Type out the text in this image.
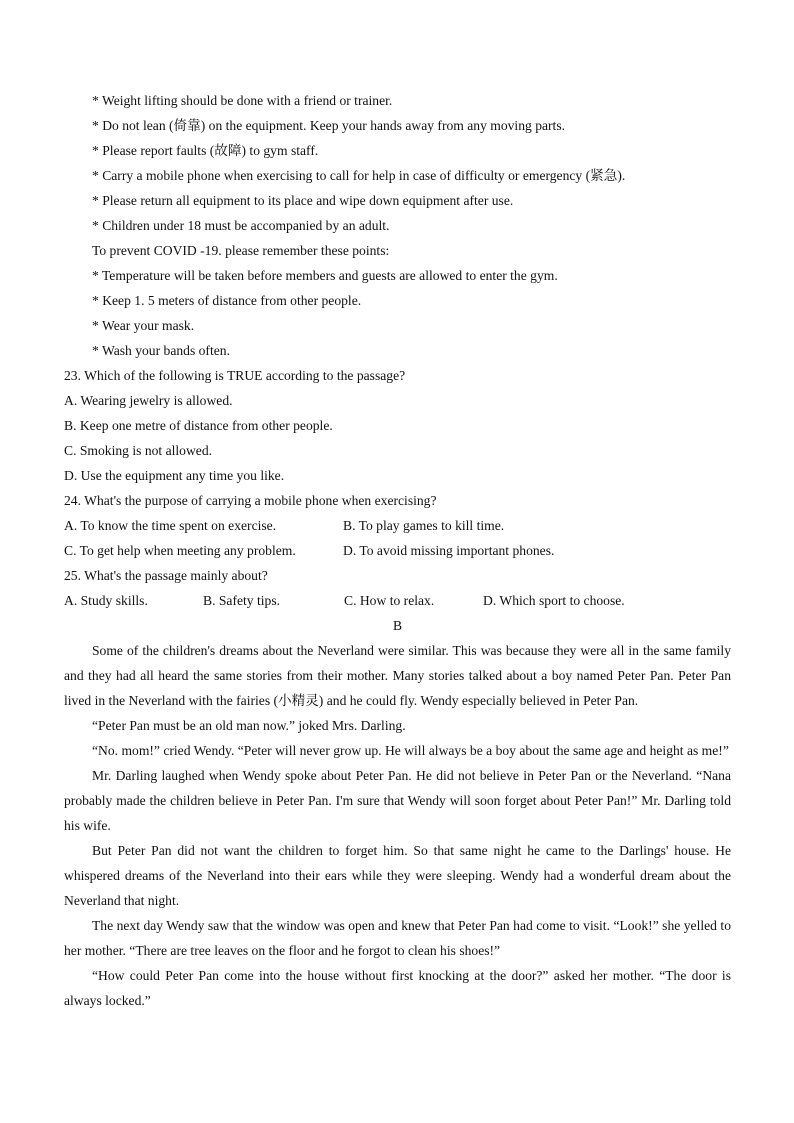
* Weight lifting should be done with a friend or trainer.

* Do not lean (倚靠) on the equipment. Keep your hands away from any moving parts.

* Please report faults (故障) to gym staff.

* Carry a mobile phone when exercising to call for help in case of difficulty or emergency (紧急).

* Please return all equipment to its place and wipe down equipment after use.

* Children under 18 must be accompanied by an adult.

To prevent COVID -19. please remember these points:

* Temperature will be taken before members and guests are allowed to enter the gym.

* Keep 1. 5 meters of distance from other people.

* Wear your mask.

* Wash your bands often.

23. Which of the following is TRUE according to the passage?

A. Wearing jewelry is allowed.

B. Keep one metre of distance from other people.

C. Smoking is not allowed.

D. Use the equipment any time you like.

24. What's the purpose of carrying a mobile phone when exercising?

A. To know the time spent on exercise.	B. To play games to kill time.
C. To get help when meeting any problem.	D. To avoid missing important phones.

25. What's the passage mainly about?

A. Study skills.	B. Safety tips.	C. How to relax.	D. Which sport to choose.

B

Some of the children's dreams about the Neverland were similar. This was because they were all in the same family and they had all heard the same stories from their mother. Many stories talked about a boy named Peter Pan. Peter Pan lived in the Neverland with the fairies (小精灵) and he could fly. Wendy especially believed in Peter Pan.

“Peter Pan must be an old man now.” joked Mrs. Darling.

“No. mom!” cried Wendy. “Peter will never grow up. He will always be a boy about the same age and height as me!”

Mr. Darling laughed when Wendy spoke about Peter Pan. He did not believe in Peter Pan or the Neverland. “Nana probably made the children believe in Peter Pan. I'm sure that Wendy will soon forget about Peter Pan!” Mr. Darling told his wife.

But Peter Pan did not want the children to forget him. So that same night he came to the Darlings' house. He whispered dreams of the Neverland into their ears while they were sleeping. Wendy had a wonderful dream about the Neverland that night.

The next day Wendy saw that the window was open and knew that Peter Pan had come to visit. “Look!” she yelled to her mother. “There are tree leaves on the floor and he forgot to clean his shoes!”

“How could Peter Pan come into the house without first knocking at the door?” asked her mother. “The door is always locked.”
